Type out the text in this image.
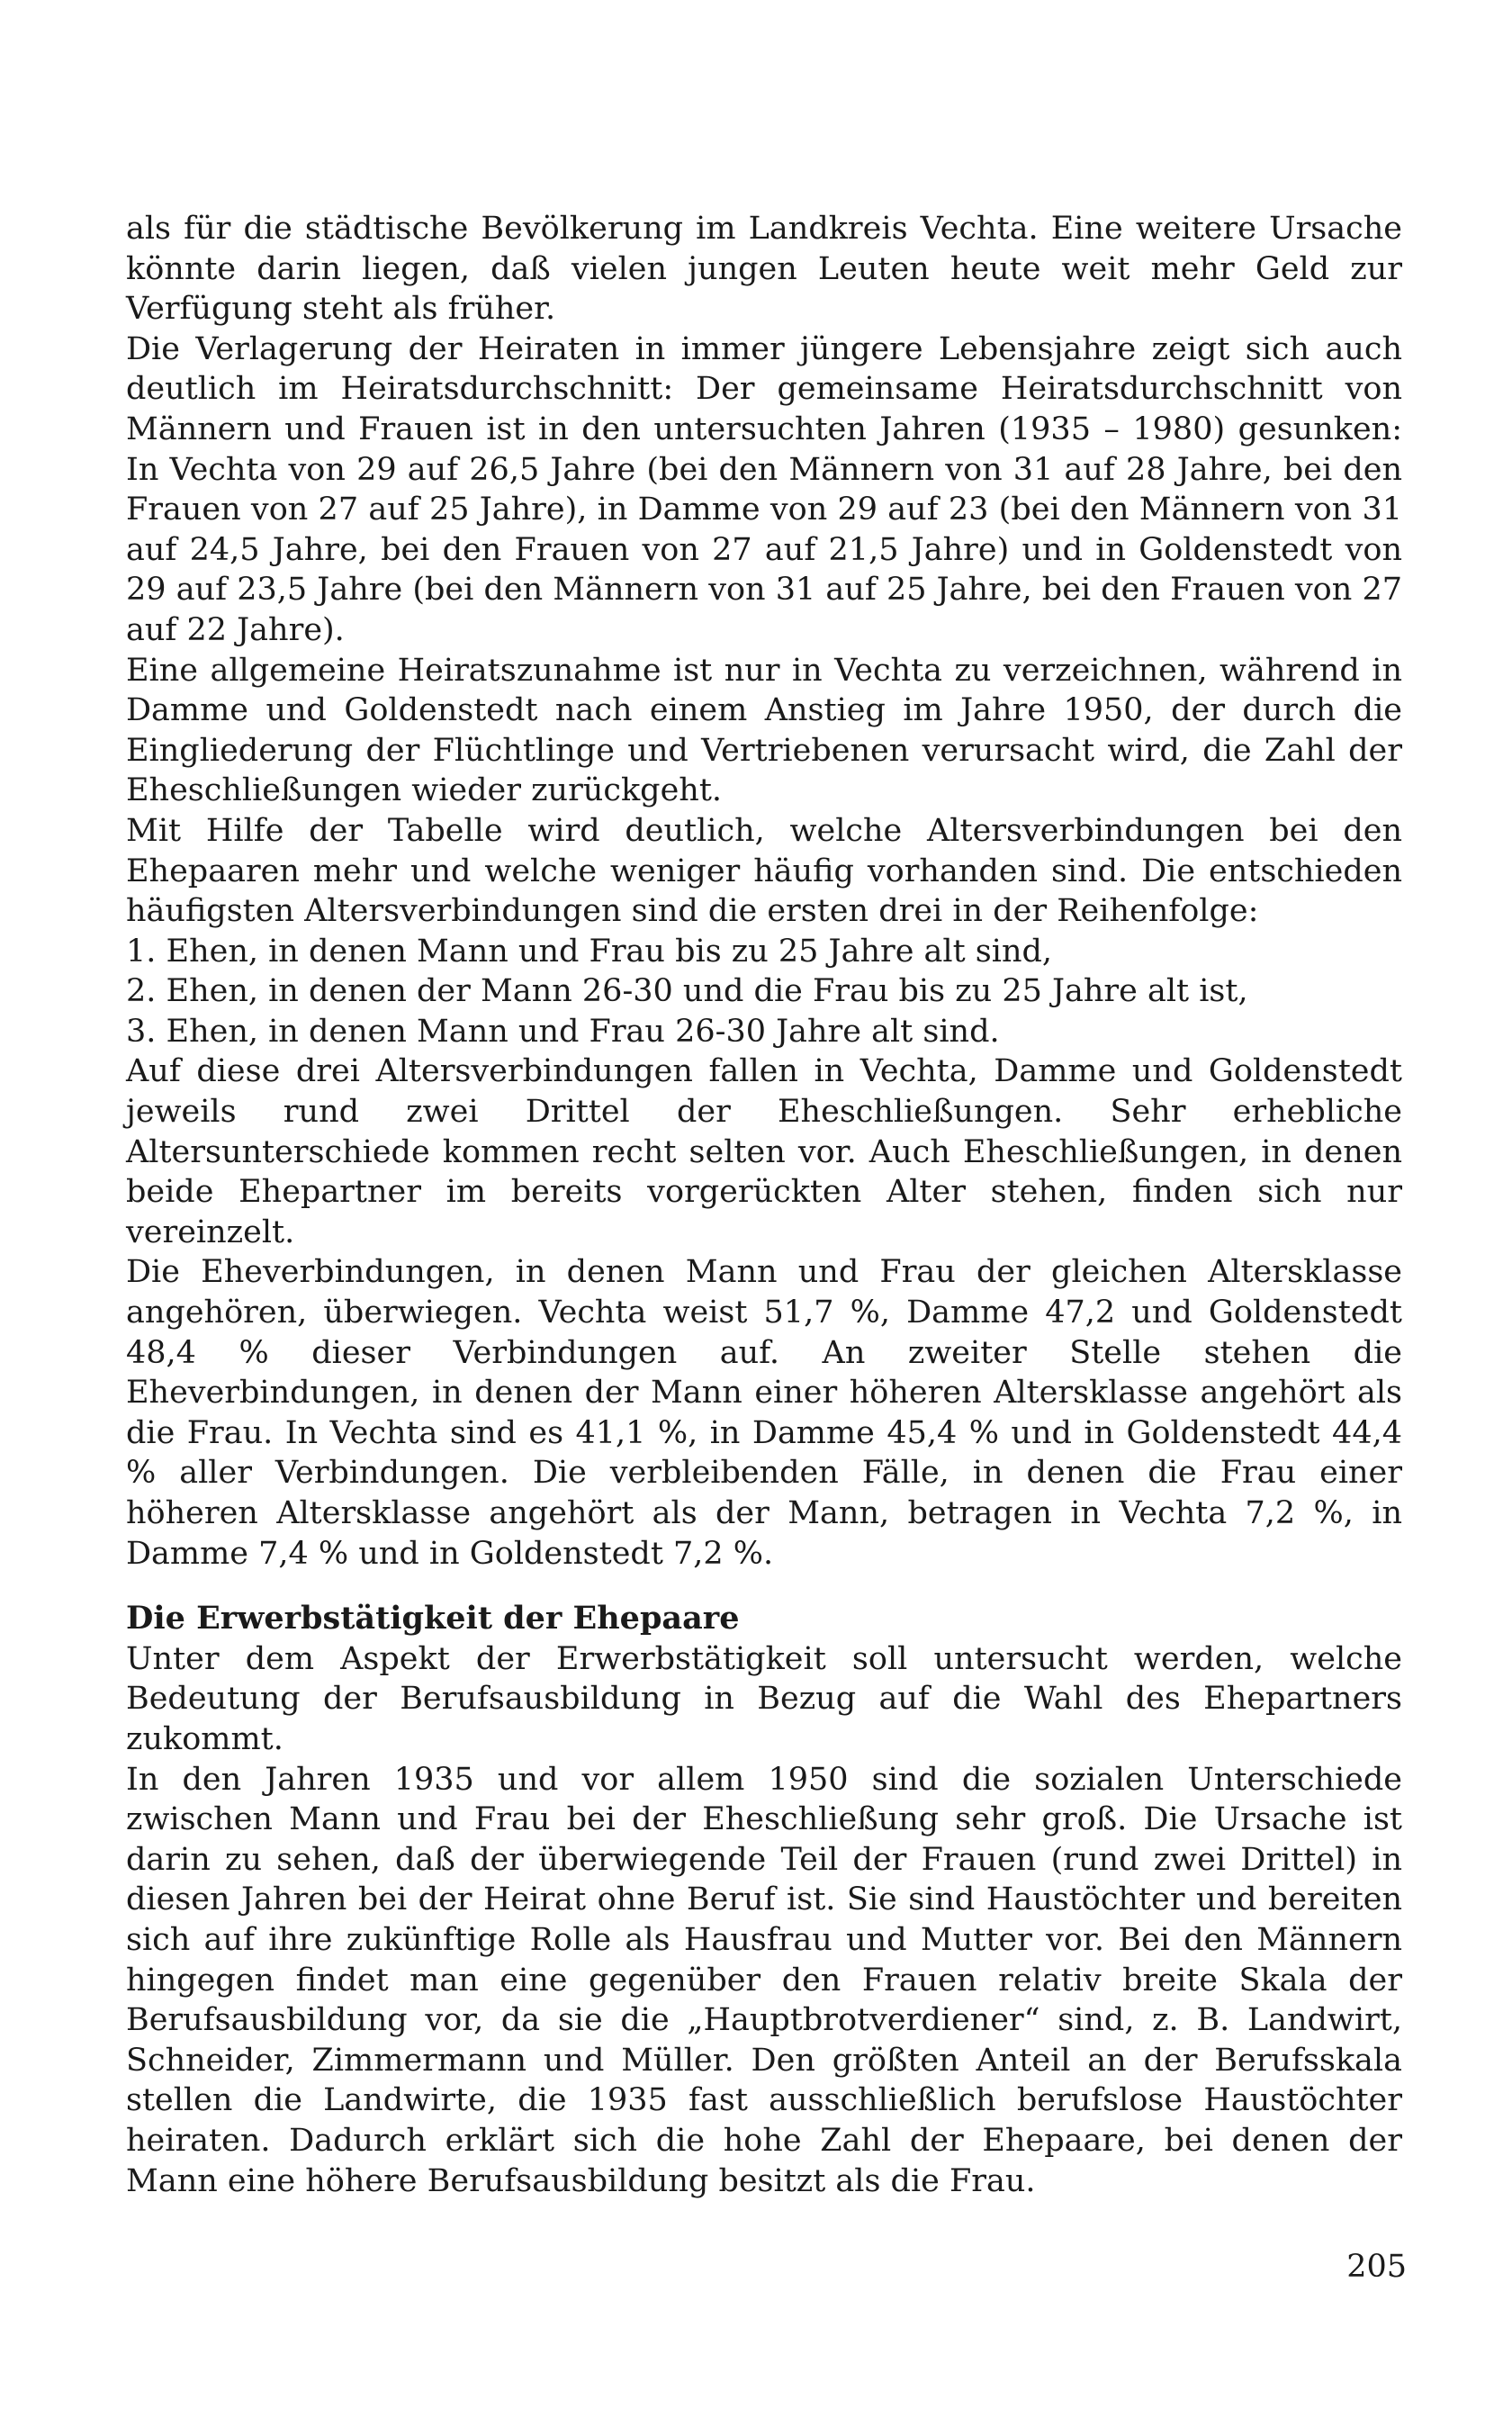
als für die städtische Bevölkerung im Landkreis Vechta. Eine weitere Ursache könnte darin liegen, daß vielen jungen Leuten heute weit mehr Geld zur Verfügung steht als früher.

Die Verlagerung der Heiraten in immer jüngere Lebensjahre zeigt sich auch deutlich im Heiratsdurchschnitt: Der gemeinsame Heiratsdurchschnitt von Männern und Frauen ist in den untersuchten Jahren (1935 – 1980) gesunken: In Vechta von 29 auf 26,5 Jahre (bei den Männern von 31 auf 28 Jahre, bei den Frauen von 27 auf 25 Jahre), in Damme von 29 auf 23 (bei den Männern von 31 auf 24,5 Jahre, bei den Frauen von 27 auf 21,5 Jahre) und in Goldenstedt von 29 auf 23,5 Jahre (bei den Männern von 31 auf 25 Jahre, bei den Frauen von 27 auf 22 Jahre).

Eine allgemeine Heiratszunahme ist nur in Vechta zu verzeichnen, während in Damme und Goldenstedt nach einem Anstieg im Jahre 1950, der durch die Eingliederung der Flüchtlinge und Vertriebenen verursacht wird, die Zahl der Eheschließungen wieder zurückgeht.

Mit Hilfe der Tabelle wird deutlich, welche Altersverbindungen bei den Ehepaaren mehr und welche weniger häufig vorhanden sind. Die entschieden häufigsten Altersverbindungen sind die ersten drei in der Reihenfolge:

1. Ehen, in denen Mann und Frau bis zu 25 Jahre alt sind,

2. Ehen, in denen der Mann 26-30 und die Frau bis zu 25 Jahre alt ist,

3. Ehen, in denen Mann und Frau 26-30 Jahre alt sind.

Auf diese drei Altersverbindungen fallen in Vechta, Damme und Goldenstedt jeweils rund zwei Drittel der Eheschließungen. Sehr erhebliche Altersunterschiede kommen recht selten vor. Auch Eheschließungen, in denen beide Ehepartner im bereits vorgerückten Alter stehen, finden sich nur vereinzelt.

Die Eheverbindungen, in denen Mann und Frau der gleichen Altersklasse angehören, überwiegen. Vechta weist 51,7 %, Damme 47,2 und Goldenstedt 48,4 % dieser Verbindungen auf. An zweiter Stelle stehen die Eheverbindungen, in denen der Mann einer höheren Altersklasse angehört als die Frau. In Vechta sind es 41,1 %, in Damme 45,4 % und in Goldenstedt 44,4 % aller Verbindungen. Die verbleibenden Fälle, in denen die Frau einer höheren Altersklasse angehört als der Mann, betragen in Vechta 7,2 %, in Damme 7,4 % und in Goldenstedt 7,2 %.

Die Erwerbstätigkeit der Ehepaare

Unter dem Aspekt der Erwerbstätigkeit soll untersucht werden, welche Bedeutung der Berufsausbildung in Bezug auf die Wahl des Ehepartners zukommt.

In den Jahren 1935 und vor allem 1950 sind die sozialen Unterschiede zwischen Mann und Frau bei der Eheschließung sehr groß. Die Ursache ist darin zu sehen, daß der überwiegende Teil der Frauen (rund zwei Drittel) in diesen Jahren bei der Heirat ohne Beruf ist. Sie sind Haustöchter und bereiten sich auf ihre zukünftige Rolle als Hausfrau und Mutter vor. Bei den Männern hingegen findet man eine gegenüber den Frauen relativ breite Skala der Berufsausbildung vor, da sie die „Hauptbrotverdiener“ sind, z. B. Landwirt, Schneider, Zimmermann und Müller. Den größten Anteil an der Berufsskala stellen die Landwirte, die 1935 fast ausschließlich berufslose Haustöchter heiraten. Dadurch erklärt sich die hohe Zahl der Ehepaare, bei denen der Mann eine höhere Berufsausbildung besitzt als die Frau.

205
